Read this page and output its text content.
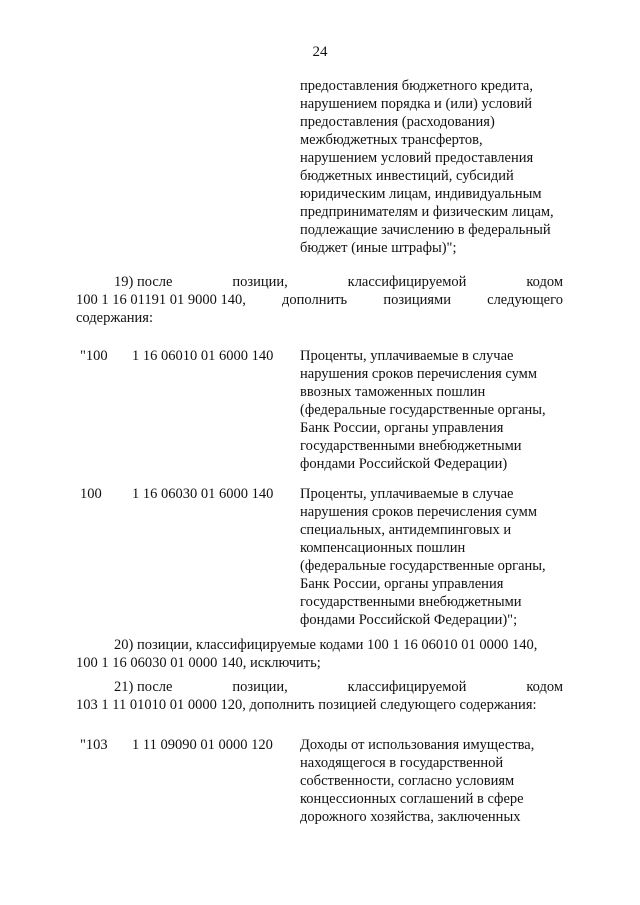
24
предоставления бюджетного кредита,
нарушением порядка и (или) условий
предоставления (расходования)
межбюджетных трансфертов,
нарушением условий предоставления
бюджетных инвестиций, субсидий
юридическим лицам, индивидуальным
предпринимателям и физическим лицам,
подлежащие зачислению в федеральный
бюджет (иные штрафы)";
19) после	позиции,	классифицируемой	кодом
100 1 16 01191 01 9000 140, дополнить позициями следующего
содержания:
"100 1 16 06010 01 6000 140 Проценты, уплачиваемые в случае
нарушения сроков перечисления сумм
ввозных таможенных пошлин
(федеральные государственные органы,
Банк России, органы управления
государственными внебюджетными
фондами Российской Федерации)
100 1 16 06030 01 6000 140 Проценты, уплачиваемые в случае
нарушения сроков перечисления сумм
специальных, антидемпинговых и
компенсационных пошлин
(федеральные государственные органы,
Банк России, органы управления
государственными внебюджетными
фондами Российской Федерации)";
20) позиции, классифицируемые кодами 100 1 16 06010 01 0000 140,
100 1 16 06030 01 0000 140, исключить;
21) после	позиции,	классифицируемой	кодом
103 1 11 01010 01 0000 120, дополнить позицией следующего содержания:
"103 1 11 09090 01 0000 120 Доходы от использования имущества,
находящегося в государственной
собственности, согласно условиям
концессионных соглашений в сфере
дорожного хозяйства, заключенных
